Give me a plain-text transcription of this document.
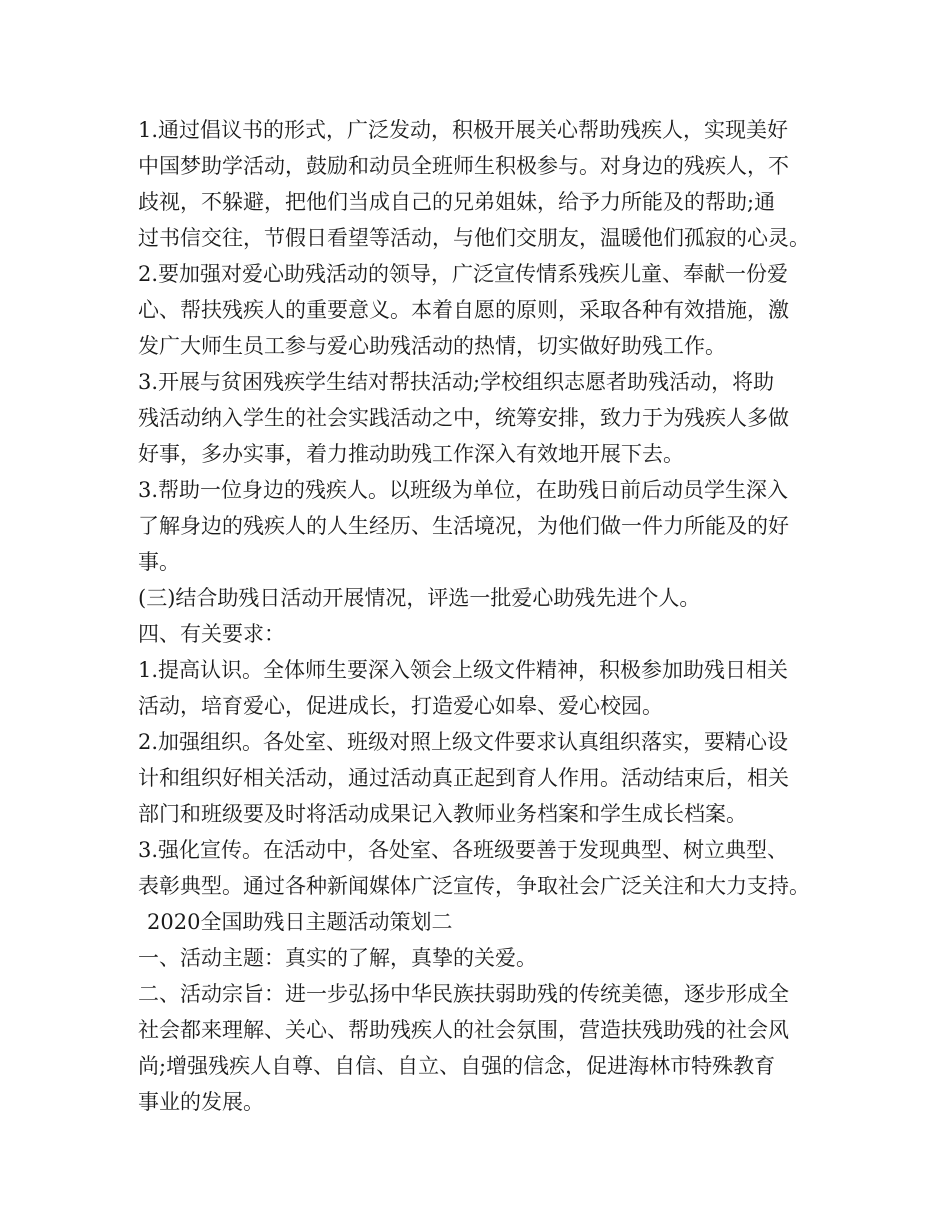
1.通过倡议书的形式，广泛发动，积极开展关心帮助残疾人，实现美好
中国梦助学活动，鼓励和动员全班师生积极参与。对身边的残疾人，不
歧视，不躲避，把他们当成自己的兄弟姐妹，给予力所能及的帮助;通
过书信交往，节假日看望等活动，与他们交朋友，温暖他们孤寂的心灵。
2.要加强对爱心助残活动的领导，广泛宣传情系残疾儿童、奉献一份爱
心、帮扶残疾人的重要意义。本着自愿的原则，采取各种有效措施，激
发广大师生员工参与爱心助残活动的热情，切实做好助残工作。
3.开展与贫困残疾学生结对帮扶活动;学校组织志愿者助残活动，将助
残活动纳入学生的社会实践活动之中，统筹安排，致力于为残疾人多做
好事，多办实事，着力推动助残工作深入有效地开展下去。
3.帮助一位身边的残疾人。以班级为单位，在助残日前后动员学生深入
了解身边的残疾人的人生经历、生活境况，为他们做一件力所能及的好
事。
(三)结合助残日活动开展情况，评选一批爱心助残先进个人。
四、有关要求：
1.提高认识。全体师生要深入领会上级文件精神，积极参加助残日相关
活动，培育爱心，促进成长，打造爱心如皋、爱心校园。
2.加强组织。各处室、班级对照上级文件要求认真组织落实，要精心设
计和组织好相关活动，通过活动真正起到育人作用。活动结束后，相关
部门和班级要及时将活动成果记入教师业务档案和学生成长档案。
3.强化宣传。在活动中，各处室、各班级要善于发现典型、树立典型、
表彰典型。通过各种新闻媒体广泛宣传，争取社会广泛关注和大力支持。
2020全国助残日主题活动策划二
一、活动主题：真实的了解，真挚的关爱。
二、活动宗旨：进一步弘扬中华民族扶弱助残的传统美德，逐步形成全
社会都来理解、关心、帮助残疾人的社会氛围，营造扶残助残的社会风
尚;增强残疾人自尊、自信、自立、自强的信念，促进海林市特殊教育
事业的发展。
